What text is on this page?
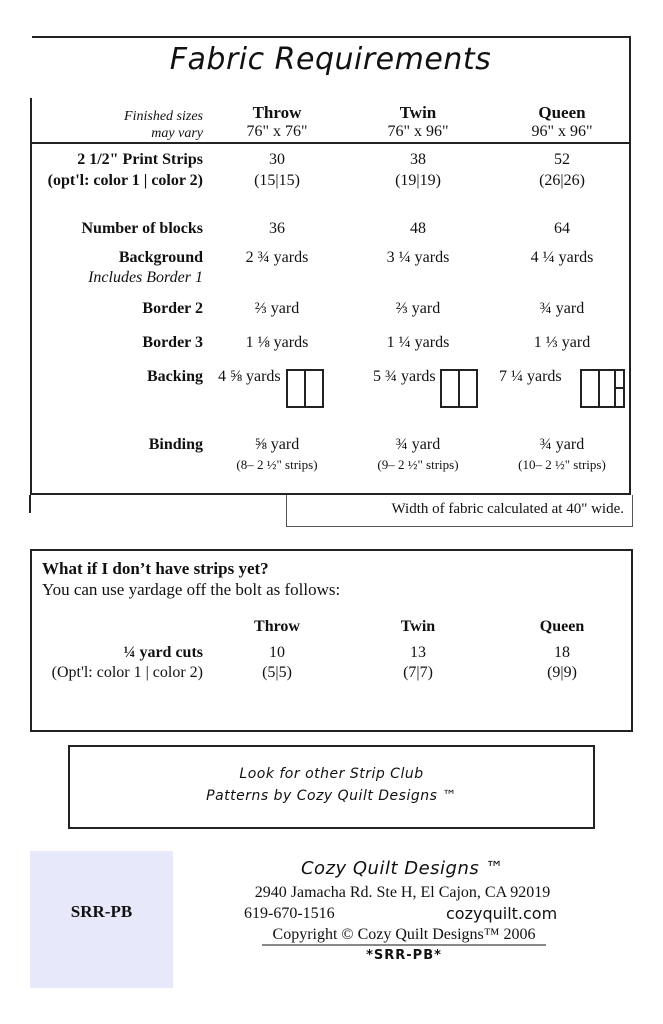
Fabric Requirements
Finished sizes
may vary
Throw	Twin	Queen
76" x 76"	76" x 96"	96" x 96"
2 1/2" Print Strips
(opt'l: color 1 | color 2)
30	38	52
(15|15)	(19|19)	(26|26)
Number of blocks	36	48	64
Background
Includes Border 1
2 ¾ yards	3 ¼ yards	4 ¼ yards
Border 2	⅔ yard	⅔ yard	¾ yard
Border 3	1 ⅛ yards	1 ¼ yards	1 ⅓ yard
Backing 4 ⅝ yards	5 ¾ yards	7 ¼ yards
Binding	⅝ yard	¾ yard	¾ yard
(8– 2 ½" strips)	(9– 2 ½" strips)	(10– 2 ½" strips)
Width of fabric calculated at 40" wide.
What if I don’t have strips yet?
You can use yardage off the bolt as follows:
Throw	Twin	Queen
¼ yard cuts
(Opt'l: color 1 | color 2)
10	13	18
(5|5)	(7|7)	(9|9)
Look for other Strip Club
Patterns by Cozy Quilt Designs ™
SRR-PB
Cozy Quilt Designs ™
2940 Jamacha Rd. Ste H, El Cajon, CA 92019
619-670-1516	cozyquilt.com
Copyright © Cozy Quilt Designs™ 2006
*SRR-PB*
